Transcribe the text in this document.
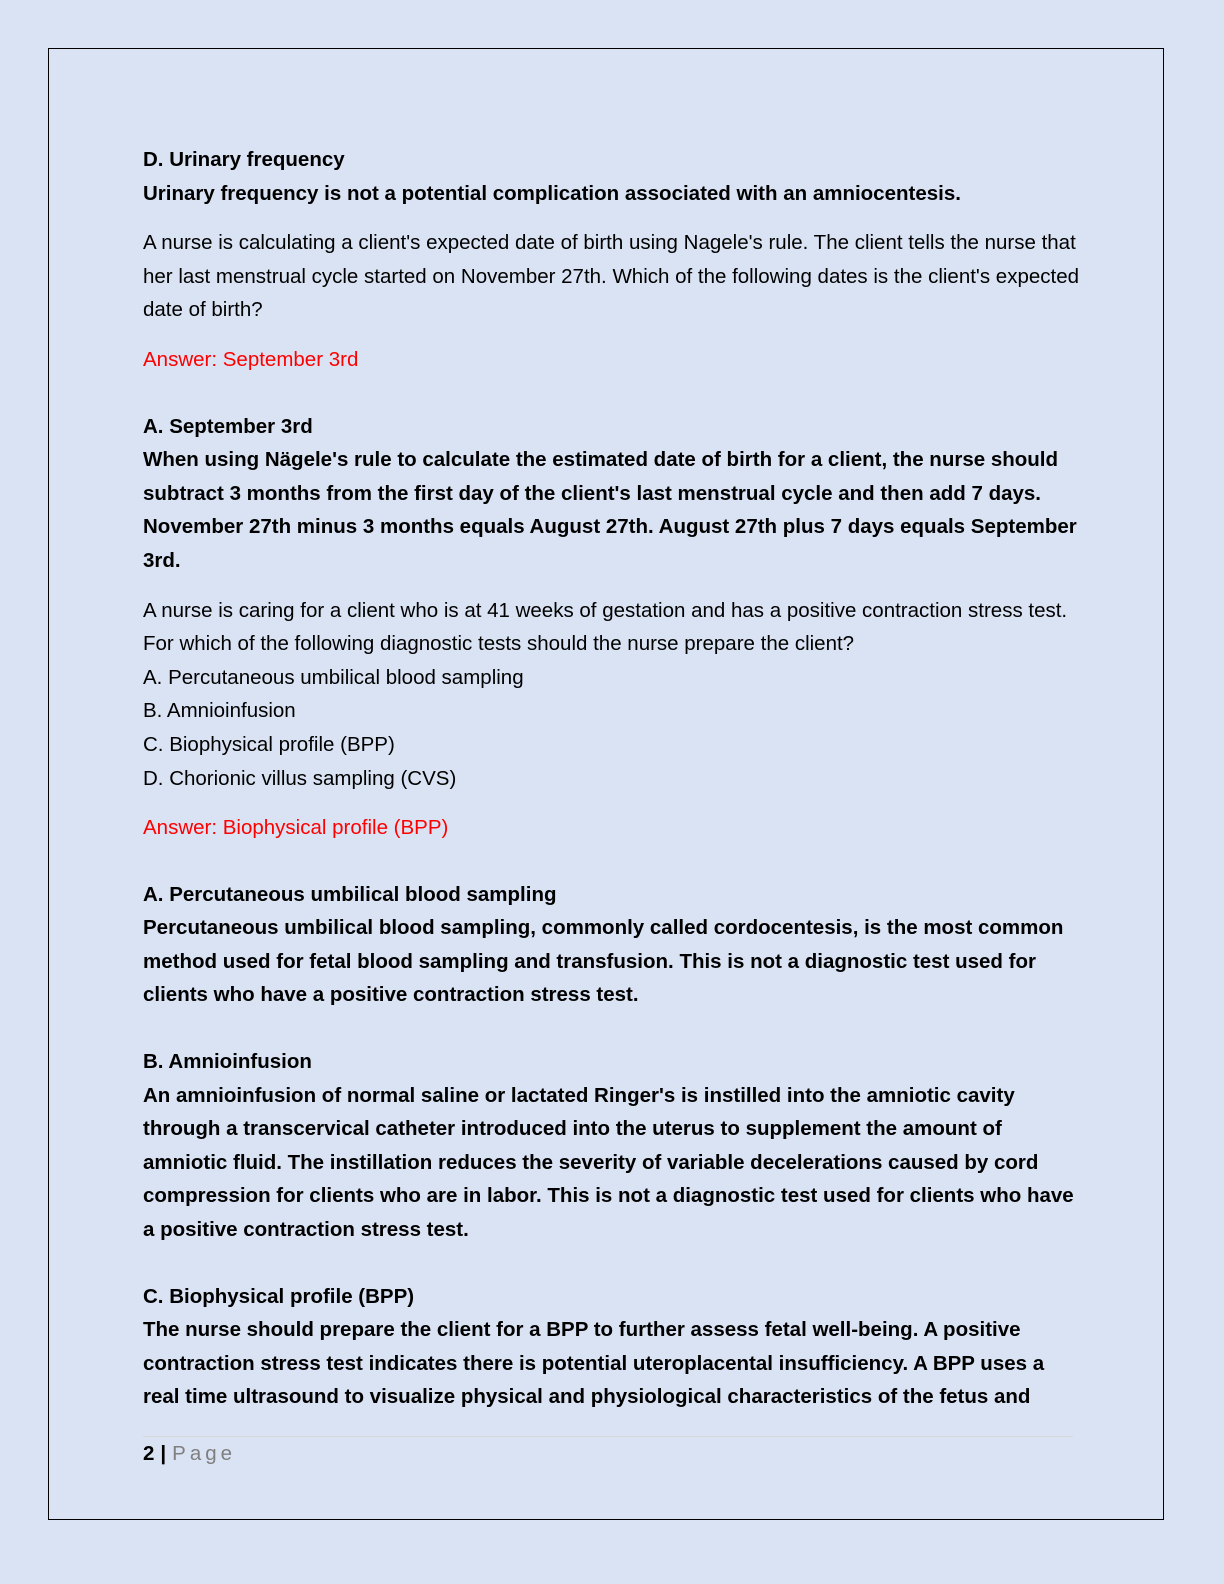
D. Urinary frequency

Urinary frequency is not a potential complication associated with an amniocentesis.

A nurse is calculating a client's expected date of birth using Nagele's rule. The client tells the nurse that her last menstrual cycle started on November 27th. Which of the following dates is the client's expected date of birth?

Answer: September 3rd

A. September 3rd

When using Nägele's rule to calculate the estimated date of birth for a client, the nurse should subtract 3 months from the first day of the client's last menstrual cycle and then add 7 days. November 27th minus 3 months equals August 27th. August 27th plus 7 days equals September 3rd.

A nurse is caring for a client who is at 41 weeks of gestation and has a positive contraction stress test. For which of the following diagnostic tests should the nurse prepare the client?

A. Percutaneous umbilical blood sampling

B. Amnioinfusion

C. Biophysical profile (BPP)

D. Chorionic villus sampling (CVS)

Answer: Biophysical profile (BPP)

A. Percutaneous umbilical blood sampling

Percutaneous umbilical blood sampling, commonly called cordocentesis, is the most common method used for fetal blood sampling and transfusion. This is not a diagnostic test used for clients who have a positive contraction stress test.

B. Amnioinfusion

An amnioinfusion of normal saline or lactated Ringer's is instilled into the amniotic cavity through a transcervical catheter introduced into the uterus to supplement the amount of amniotic fluid. The instillation reduces the severity of variable decelerations caused by cord compression for clients who are in labor. This is not a diagnostic test used for clients who have a positive contraction stress test.

C. Biophysical profile (BPP)

The nurse should prepare the client for a BPP to further assess fetal well-being. A positive contraction stress test indicates there is potential uteroplacental insufficiency. A BPP uses a real time ultrasound to visualize physical and physiological characteristics of the fetus and

2 | Page
